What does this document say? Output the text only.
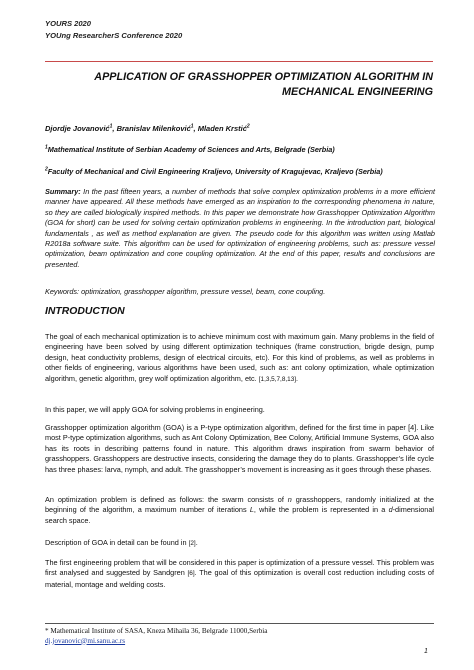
YOURS 2020
YOUng ResearcherS Conference 2020
APPLICATION OF GRASSHOPPER OPTIMIZATION ALGORITHM IN
MECHANICAL ENGINEERING
Djordje Jovanović$^1$, Branislav Milenković$^1$, Mladen Krstić$^2$
$^1$Mathematical Institute of Serbian Academy of Sciences and Arts, Belgrade (Serbia)
$^2$Faculty of Mechanical and Civil Engineering Kraljevo, University of Kragujevac, Kraljevo (Serbia)
Summary: In the past fifteen years, a number of methods that solve complex optimization problems in a more efficient manner have appeared. All these methods have emerged as an inspiration to the corresponding phenomena in nature, so they are called biologically inspired methods. In this paper we demonstrate how Grasshopper Optimization Algorithm (GOA for short) can be used for solving certain optimization problems in engineering. In the introduction part, biological fundamentals , as well as method explanation are given. The pseudo code for this algorithm was written using Matlab R2018a software suite. This algorithm can be used for optimization of engineering problems, such as: pressure vessel optimization, beam optimization and cone coupling optimization. At the end of this paper, results and conclusions are presented.
Keywords: optimization, grasshopper algorithm, pressure vessel, beam, cone coupling.
INTRODUCTION
The goal of each mechanical optimization is to achieve minimum cost with maximum gain. Many problems in the field of engineering have been solved by using different optimization techniques (frame construction, brigde design, pump design, heat conductivity problems, design of electrical circuits, etc). For this kind of problems, as well as problems in other fields of engineering, various algorithms have been used, such as: ant colony optimization, whale optimization algorithm, genetic algorithm, grey wolf optimization algorithm, etc. [1,3,5,7,8,13].
In this paper, we will apply GOA for solving problems in engineering.
Grasshopper optimization algorithm (GOA) is a P-type optimization algorithm, defined for the first time in paper [4]. Like most P-type optimization algorithms, such as Ant Colony Optimization, Bee Colony, Artificial Immune Systems, GOA also has its roots in describing patterns found in nature. This algorithm draws inspiration from swarm behavior of grasshoppers. Grasshoppers are destructive insects, considering the damage they do to plants. Grasshopper’s life cycle has three phases: larva, nymph, and adult. The grasshopper’s movement is increasing as it goes through these phases.
An optimization problem is defined as follows: the swarm consists of n grasshoppers, randomly initialized at the beginning of the algorithm, a maximum number of iterations L, while the problem is represented in a d-dimensional search space.
Description of GOA in detail can be found in [2].
The first engineering problem that will be considered in this paper is optimization of a pressure vessel. This problem was first analysed and suggested by Sandgren [6]. The goal of this optimization is overall cost reduction including costs of material, montage and welding costs.
* Mathematical Institute of SASA, Kneza Mihaila 36, Belgrade 11000,Serbia
dj.jovanovic@mi.sanu.ac.rs
1
